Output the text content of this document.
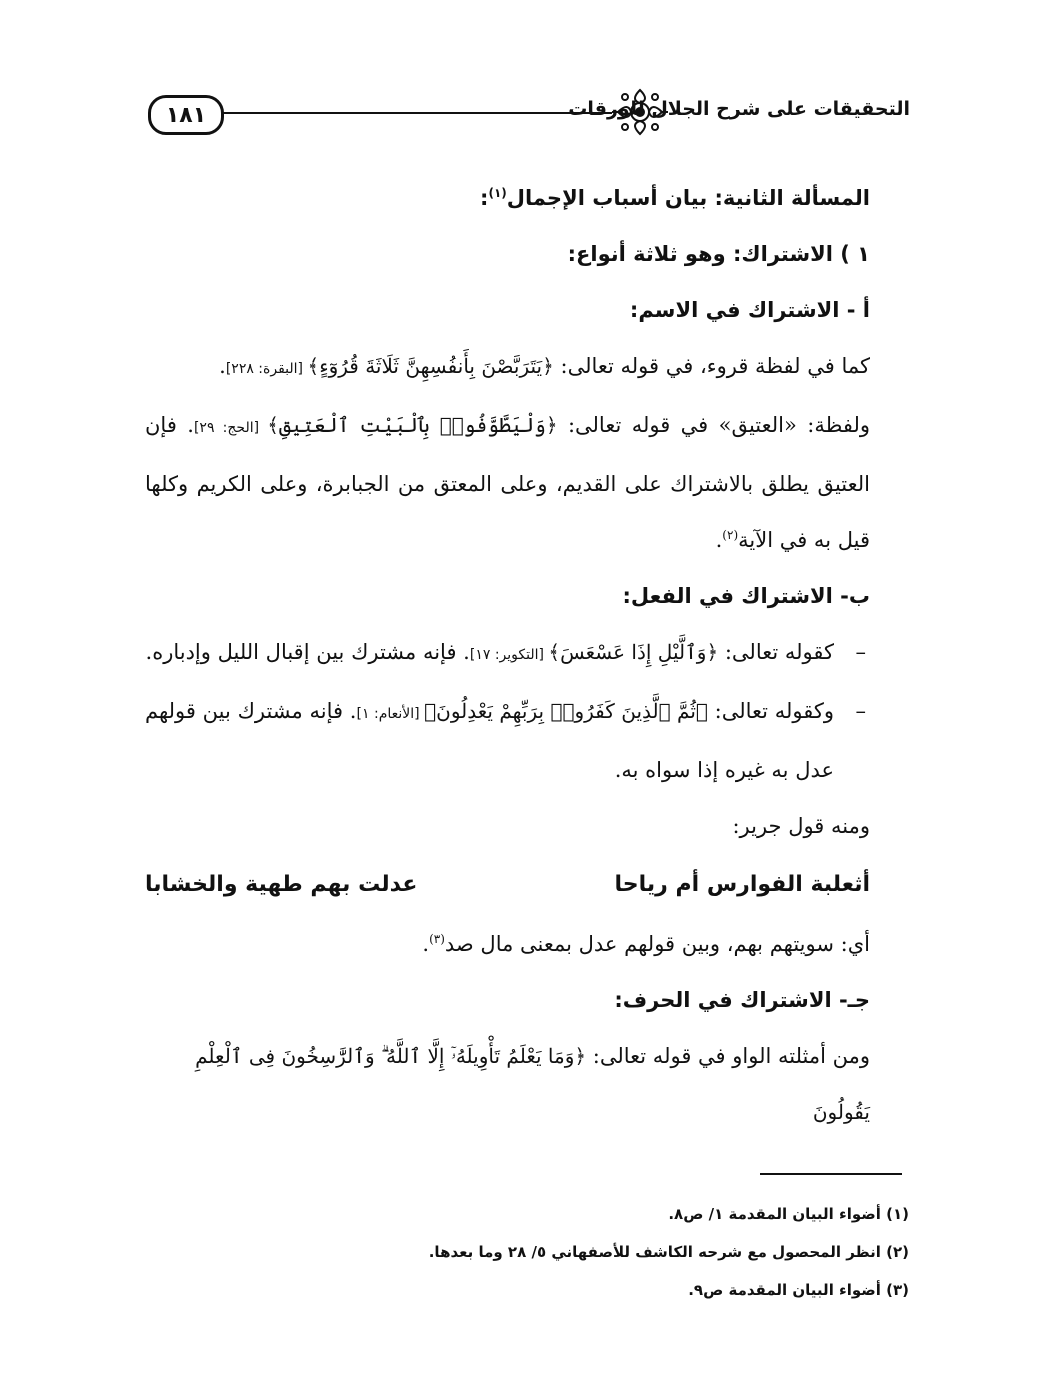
١٨١	التحقيقات على شرح الجلال للورقات

المسألة الثانية: بيان أسباب الإجمال$^{(١)}$:

١ ) الاشتراك: وهو ثلاثة أنواع:

أ - الاشتراك في الاسم:

كما في لفظة قروء، في قوله تعالى: ﴿يَتَرَبَّصْنَ بِأَنفُسِهِنَّ ثَلَاثَةَ قُرُوٓءٍ﴾ [البقرة: ٢٢٨].

ولفظة: «العتيق» في قوله تعالى: ﴿وَلْيَطَّوَّفُوا۟ بِٱلْبَيْتِ ٱلْعَتِيقِ﴾ [الحج: ٢٩]. فإن العتيق يطلق بالاشتراك على القديم، وعلى المعتق من الجبابرة، وعلى الكريم وكلها قيل به في الآية$^{(٢)}$.

ب- الاشتراك في الفعل:

–
كقوله تعالى: ﴿وَٱلَّيْلِ إِذَا عَسْعَسَ﴾ [التكوير: ١٧]. فإنه مشترك بين إقبال الليل وإدباره.

–
وكقوله تعالى: ﴿ثُمَّ ٱلَّذِينَ كَفَرُوا۟ بِرَبِّهِمْ يَعْدِلُونَ﴾ [الأنعام: ١]. فإنه مشترك بين قولهم عدل به غيره إذا سواه به.

ومنه قول جرير:

أثعلبة الفوارس أم رياحا
عدلت بهم طهية والخشابا

أي: سويتهم بهم، وبين قولهم عدل بمعنى مال صد$^{(٣)}$.

جـ- الاشتراك في الحرف:

ومن أمثلته الواو في قوله تعالى: ﴿وَمَا يَعْلَمُ تَأْوِيلَهُۥٓ إِلَّا ٱللَّهُ ۗ وَٱلرَّٰسِخُونَ فِى ٱلْعِلْمِ يَقُولُونَ

(١) أضواء البيان المقدمة ١/ ص٨.

(٢) انظر المحصول مع شرحه الكاشف للأصفهاني ٥/ ٢٨ وما بعدها.

(٣) أضواء البيان المقدمة ص٩.
